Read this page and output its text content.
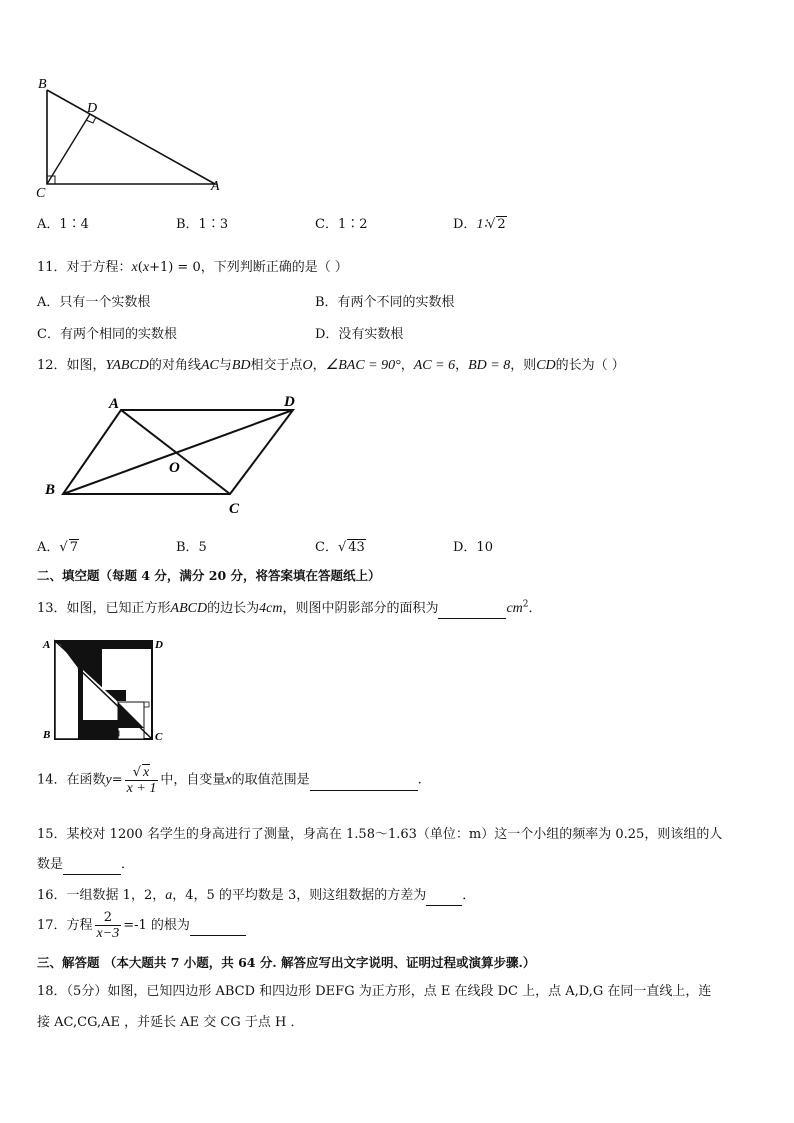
B
D
C	A
A．1∶4	B．1∶3	C．1∶2	D．1∶√ 2
11．对于方程：x(x+1) = 0，下列判断正确的是（ ）
A．只有一个实数根	B．有两个不同的实数根
C．有两个相同的实数根	D．没有实数根
12．如图，YABCD的对角线AC与BD相交于点O，∠BAC = 90°，AC = 6，BD = 8，则CD的长为（ ）
A	D
O
B
C
A．√ 7	B．5	C．√ 43	D．10
二、填空题（每题 4 分，满分 20 分，将答案填在答题纸上）
13．如图，已知正方形ABCD的边长为4cm，则图中阴影部分的面积为	$cm^2$．
A	D
B	C
14．在函数$y= \frac{√ x}{x + 1}$ 中，自变量x的取值范围是	.
15．某校对 1200 名学生的身高进行了测量，身高在 1.58～1.63（单位：m）这一个小组的频率为 0.25，则该组的人
数是	．
16．一组数据 1，2，a，4，5 的平均数是 3，则这组数据的方差为	．
17．方程 $\frac{2}{x-3} =-1$ 的根为
三、解答题 （本大题共 7 小题，共 64 分. 解答应写出文字说明、证明过程或演算步骤.）
18．（5分）如图，已知四边形 ABCD 和四边形 DEFG 为正方形，点 E 在线段 DC 上，点 A,D,G 在同一直线上，连
接 AC,CG,AE ，并延长 AE 交 CG 于点 H ．
